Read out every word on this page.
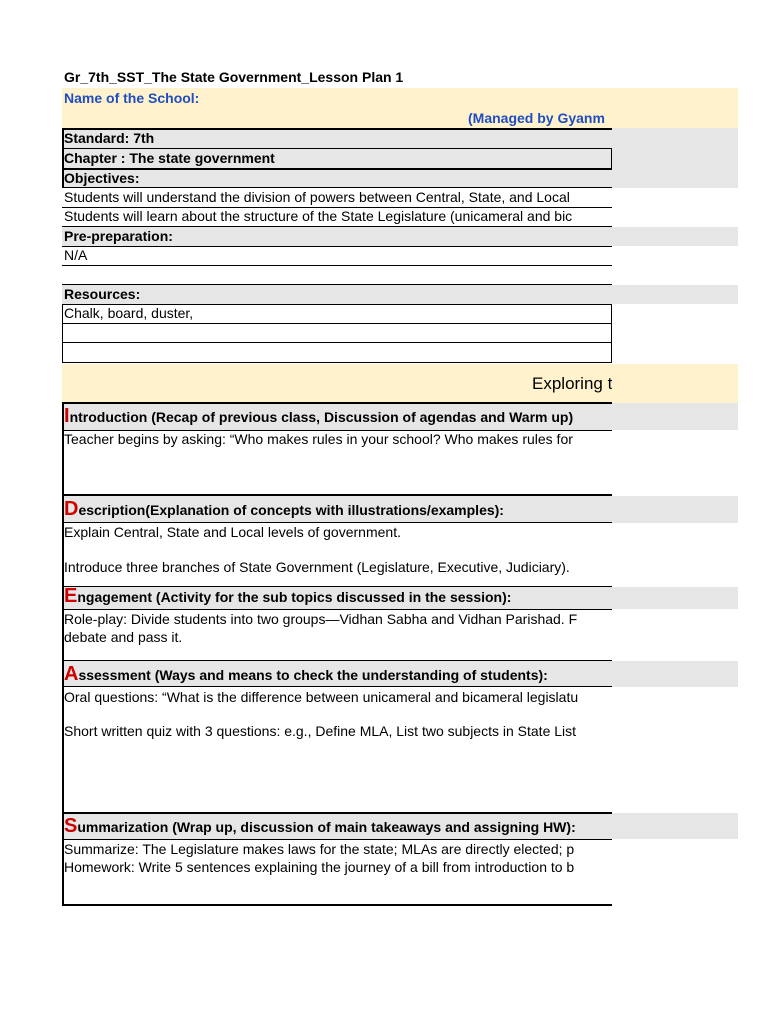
Gr_7th_SST_The State Government_Lesson Plan 1
Name of the School:
(Managed by Gyanm
Standard: 7th
Chapter : The state government
Objectives:
Students will understand the division of powers between Central, State, and Local
Students will learn about the structure of the State Legislature (unicameral and bic
Pre-preparation:
N/A
Resources:
Chalk, board, duster,
Exploring t
Introduction (Recap of previous class, Discussion of agendas and Warm up)
Teacher begins by asking: “Who makes rules in your school? Who makes rules for
Description(Explanation of concepts with illustrations/examples):
Explain Central, State and Local levels of government.
Introduce three branches of State Government (Legislature, Executive, Judiciary).
Engagement (Activity for the sub topics discussed in the session):
Role-play: Divide students into two groups—Vidhan Sabha and Vidhan Parishad. F
debate and pass it.
Assessment (Ways and means to check the understanding of students):
Oral questions: “What is the difference between unicameral and bicameral legislatu
Short written quiz with 3 questions: e.g., Define MLA, List two subjects in State List
Summarization (Wrap up, discussion of main takeaways and assigning HW):
Summarize: The Legislature makes laws for the state; MLAs are directly elected; p
Homework: Write 5 sentences explaining the journey of a bill from introduction to b
